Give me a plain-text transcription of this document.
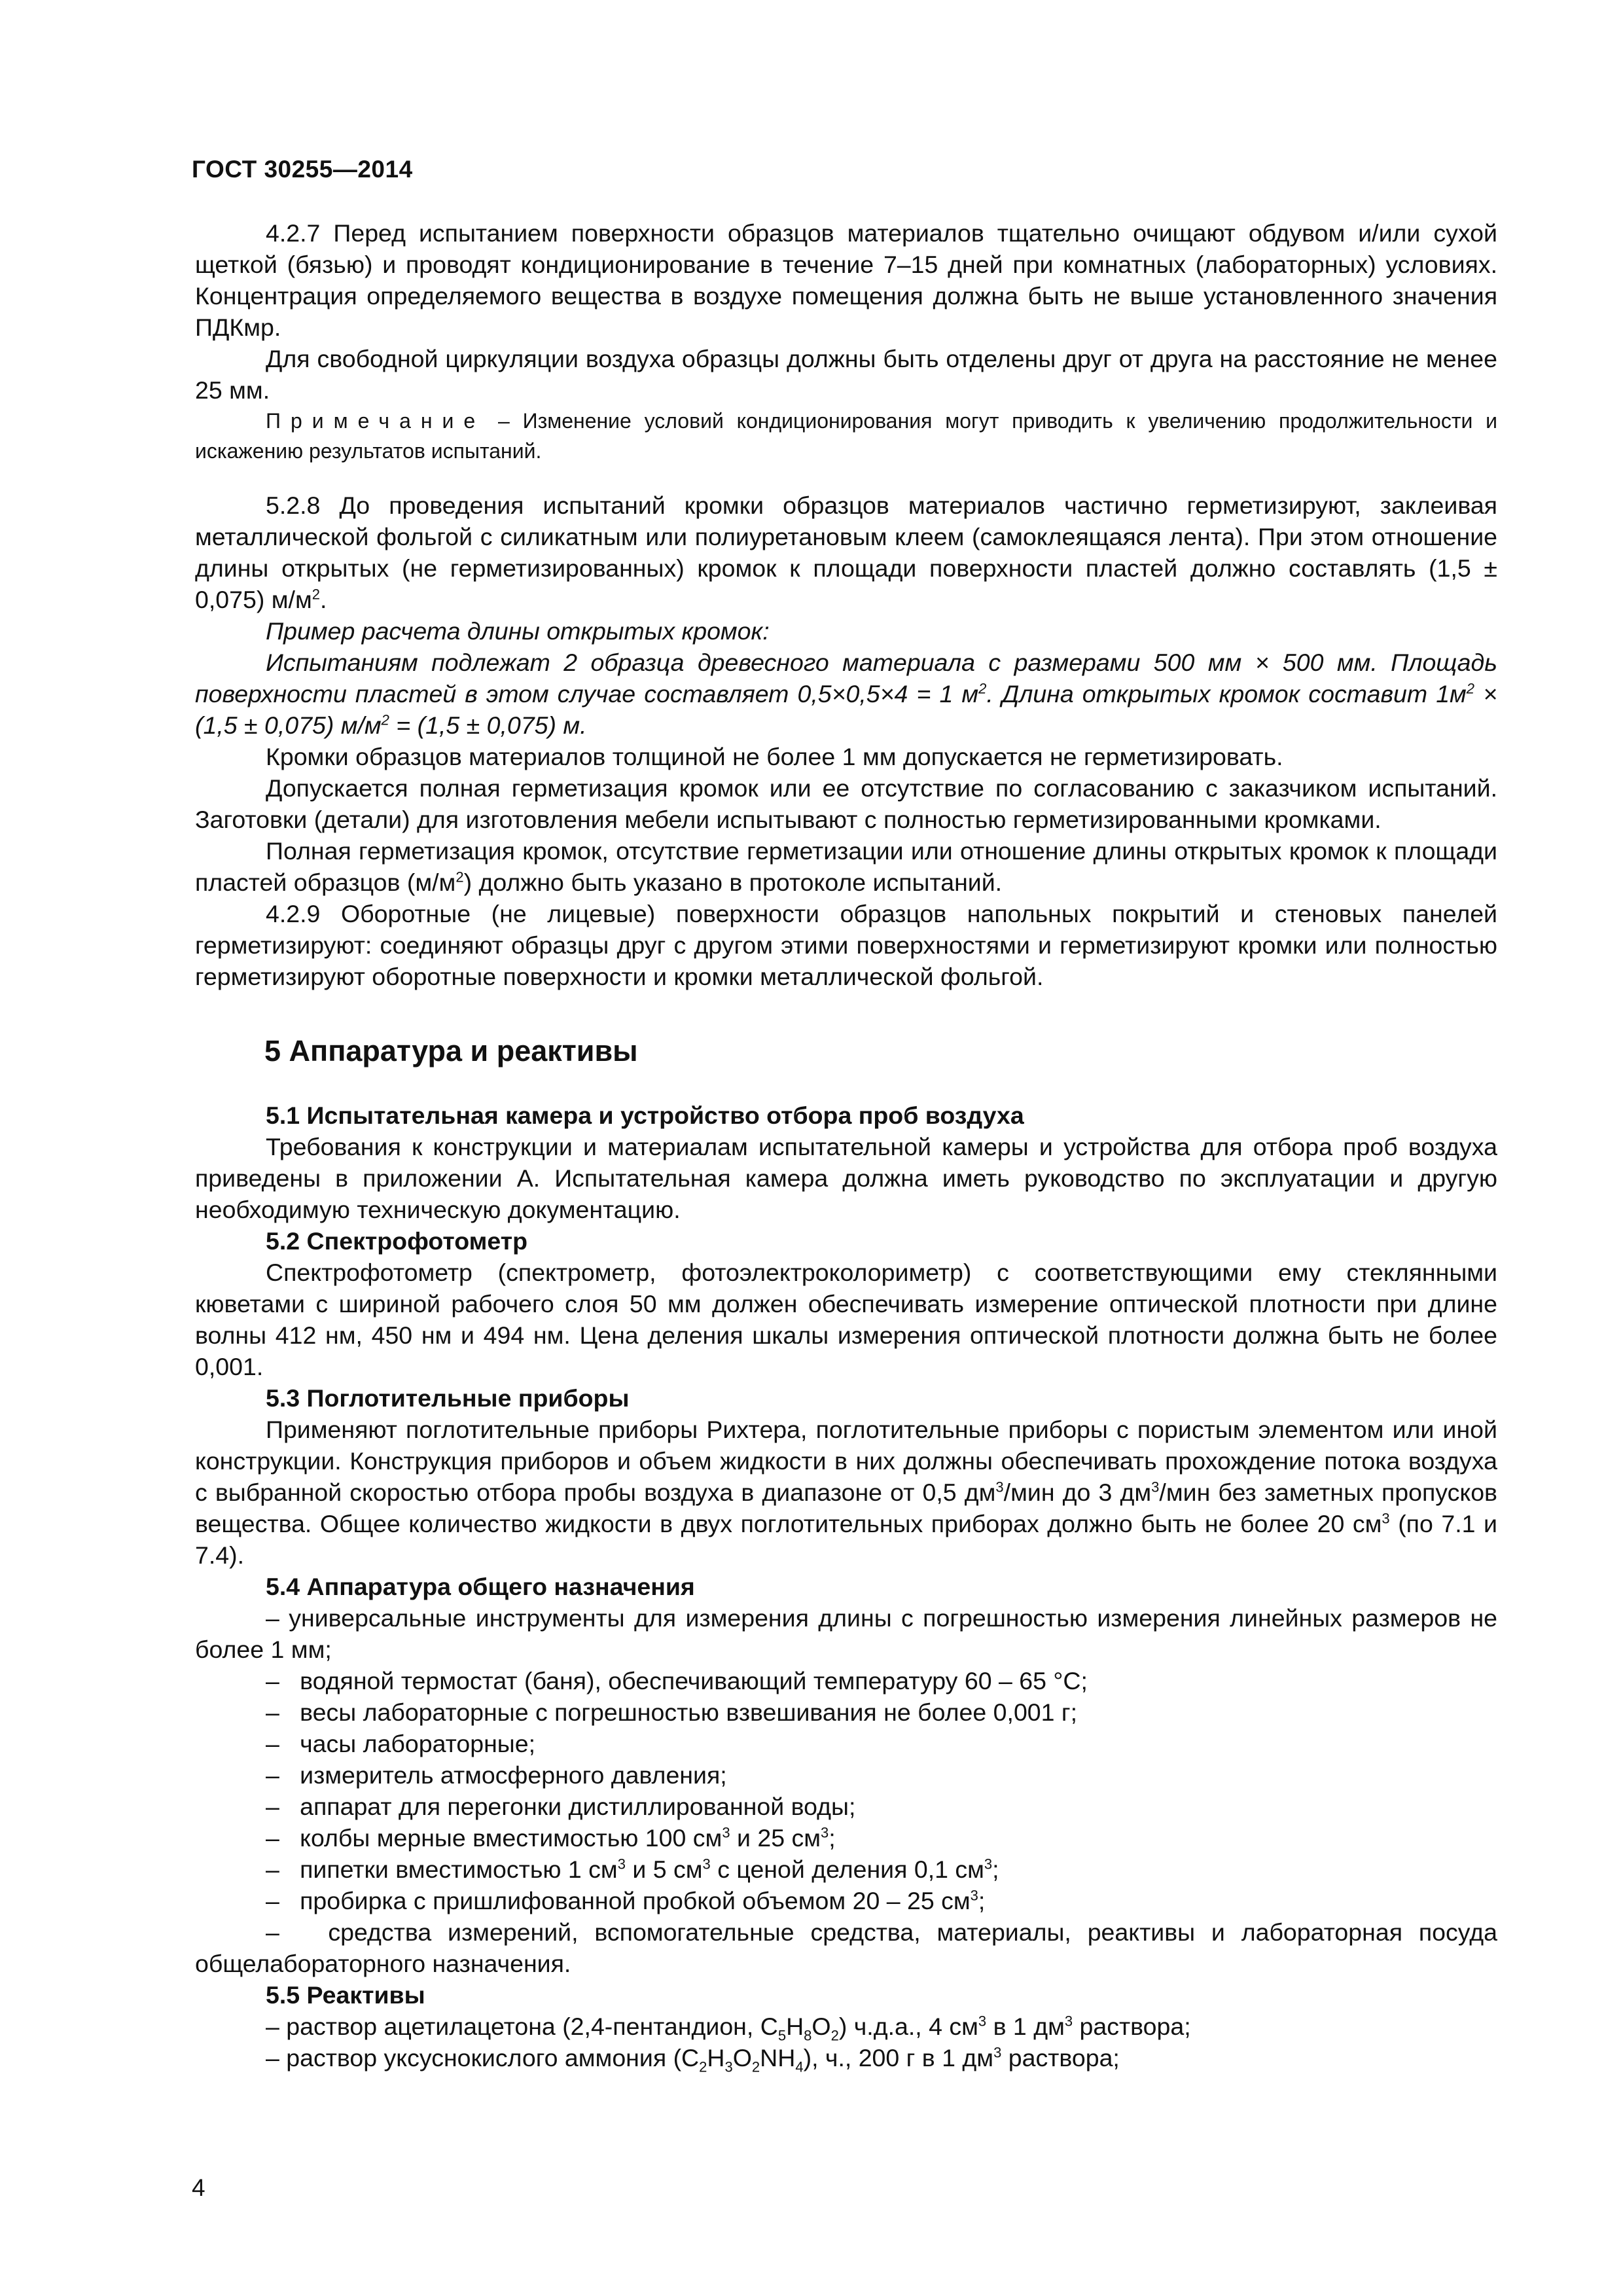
ГОСТ 30255—2014

4.2.7 Перед испытанием поверхности образцов материалов тщательно очищают обдувом и/или сухой щеткой (бязью) и проводят кондиционирование в течение 7–15 дней при комнатных (лабораторных) условиях. Концентрация определяемого вещества в воздухе помещения должна быть не выше установленного значения ПДКмр.

Для свободной циркуляции воздуха образцы должны быть отделены друг от друга на расстояние не менее 25 мм.

Примечание – Изменение условий кондиционирования могут приводить к увеличению продолжительности и искажению результатов испытаний.

5.2.8 До проведения испытаний кромки образцов материалов частично герметизируют, заклеивая металлической фольгой с силикатным или полиуретановым клеем (самоклеящаяся лента). При этом отношение длины открытых (не герметизированных) кромок к площади поверхности пластей должно составлять (1,5 ± 0,075) $м/м^2$.

Пример расчета длины открытых кромок:

Испытаниям подлежат 2 образца древесного материала с размерами 500 мм × 500 мм. Площадь поверхности пластей в этом случае составляет 0,5×0,5×4 = 1 $м^2$. Длина открытых кромок составит $1м^2 \times (1,5 \pm 0,075) м/м^2 = (1,5 \pm 0,075)$ м.

Кромки образцов материалов толщиной не более 1 мм допускается не герметизировать.

Допускается полная герметизация кромок или ее отсутствие по согласованию с заказчиком испытаний. Заготовки (детали) для изготовления мебели испытывают с полностью герметизированными кромками.

Полная герметизация кромок, отсутствие герметизации или отношение длины открытых кромок к площади пластей образцов $(м/м^2)$ должно быть указано в протоколе испытаний.

4.2.9 Оборотные (не лицевые) поверхности образцов напольных покрытий и стеновых панелей герметизируют: соединяют образцы друг с другом этими поверхностями и герметизируют кромки или полностью герметизируют оборотные поверхности и кромки металлической фольгой.

5 Аппаратура и реактивы

5.1 Испытательная камера и устройство отбора проб воздуха

Требования к конструкции и материалам испытательной камеры и устройства для отбора проб воздуха приведены в приложении А. Испытательная камера должна иметь руководство по эксплуатации и другую необходимую техническую документацию.

5.2 Спектрофотометр

Спектрофотометр (спектрометр, фотоэлектроколориметр) с соответствующими ему стеклянными кюветами с шириной рабочего слоя 50 мм должен обеспечивать измерение оптической плотности при длине волны 412 нм, 450 нм и 494 нм. Цена деления шкалы измерения оптической плотности должна быть не более 0,001.

5.3 Поглотительные приборы

Применяют поглотительные приборы Рихтера, поглотительные приборы с пористым элементом или иной конструкции. Конструкция приборов и объем жидкости в них должны обеспечивать прохождение потока воздуха с выбранной скоростью отбора пробы воздуха в диапазоне от 0,5 $дм^3$/мин до 3 $дм^3$/мин без заметных пропусков вещества. Общее количество жидкости в двух поглотительных приборах должно быть не более 20 $см^3$ (по 7.1 и 7.4).

5.4 Аппаратура общего назначения

– универсальные инструменты для измерения длины с погрешностью измерения линейных размеров не более 1 мм;

– водяной термостат (баня), обеспечивающий температуру 60 – 65 °С;

– весы лабораторные с погрешностью взвешивания не более 0,001 г;

– часы лабораторные;

– измеритель атмосферного давления;

– аппарат для перегонки дистиллированной воды;

– колбы мерные вместимостью 100 $см^3$ и 25 $см^3$;

– пипетки вместимостью 1 $см^3$ и 5 $см^3$ с ценой деления 0,1 $см^3$;

– пробирка с пришлифованной пробкой объемом 20 – 25 $см^3$;

– средства измерений, вспомогательные средства, материалы, реактивы и лабораторная посуда общелабораторного назначения.

5.5 Реактивы

– раствор ацетилацетона (2,4-пентандион, $C_5H_8O_2$) ч.д.а., 4 $см^3$ в 1 $дм^3$ раствора;

– раствор уксуснокислого аммония $(C_2H_3O_2NH_4)$, ч., 200 г в 1 $дм^3$ раствора;

4
